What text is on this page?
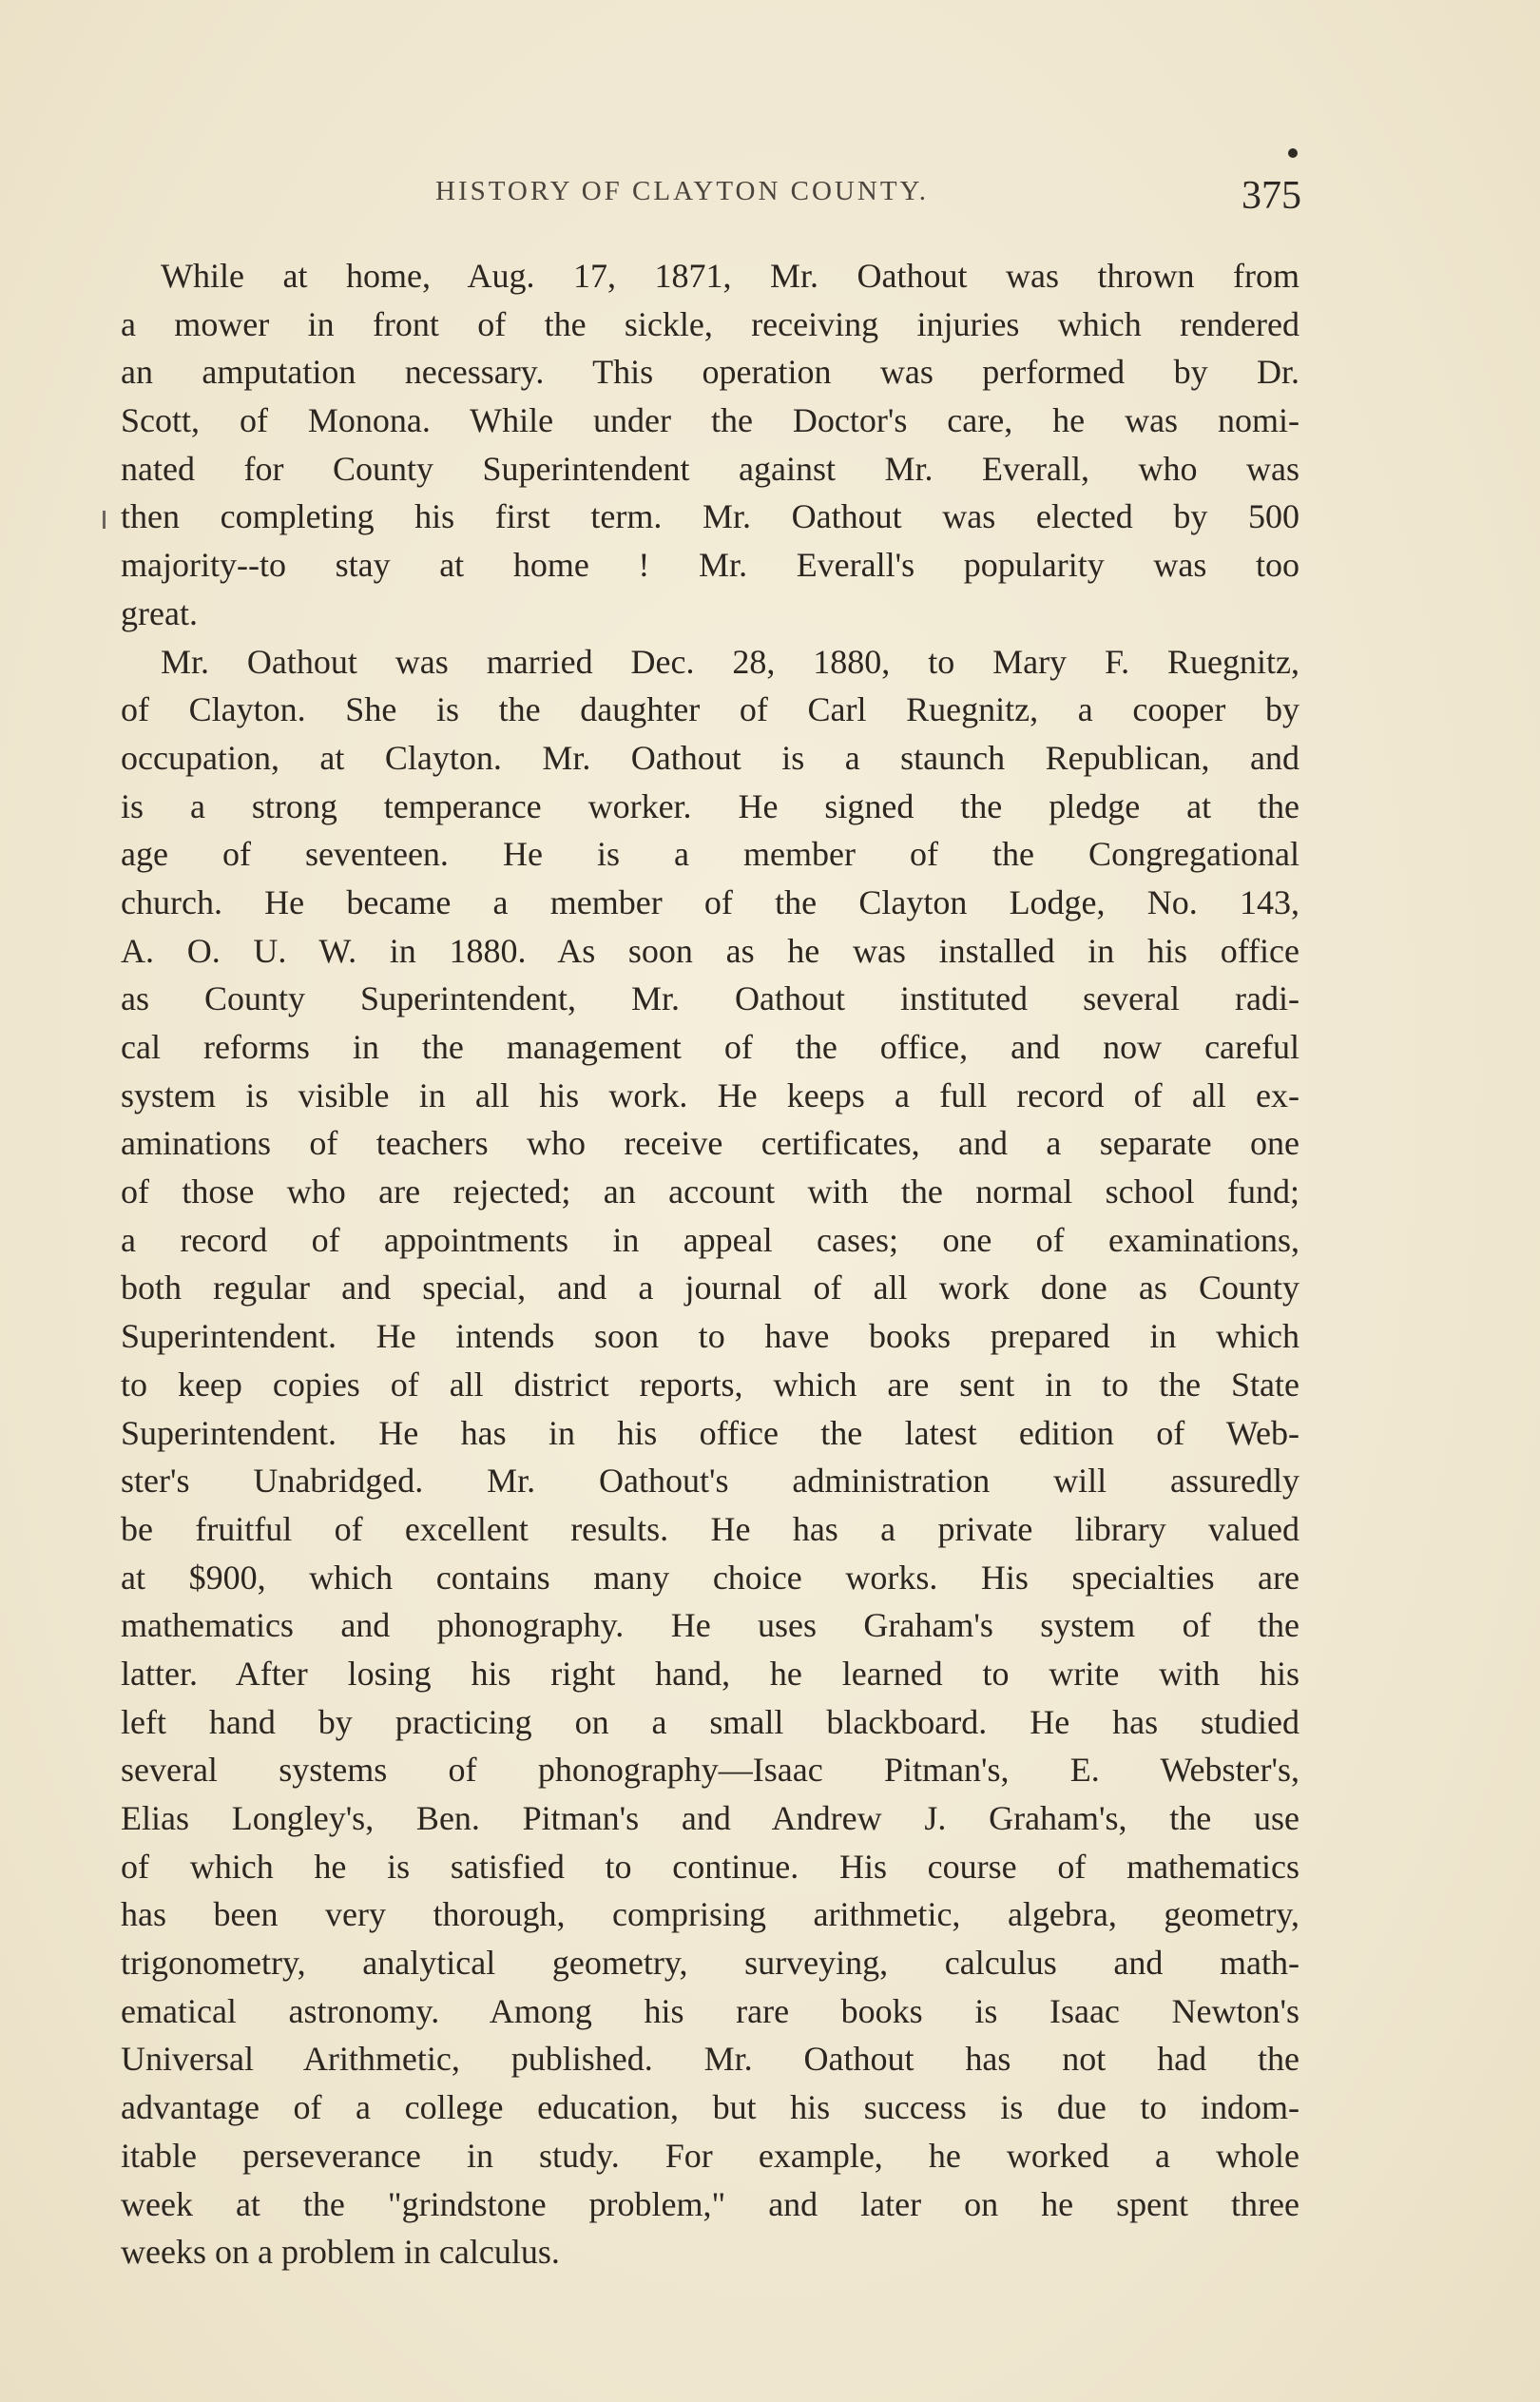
HISTORY OF CLAYTON COUNTY.	375
While at home, Aug. 17, 1871, Mr. Oathout was thrown from
a mower in front of the sickle, receiving injuries which rendered
an amputation necessary. This operation was performed by Dr.
Scott, of Monona. While under the Doctor's care, he was nomi-
nated for County Superintendent against Mr. Everall, who was
then completing his first term. Mr. Oathout was elected by 500
majority--to stay at home ! Mr. Everall's popularity was too
great.
Mr. Oathout was married Dec. 28, 1880, to Mary F. Ruegnitz,
of Clayton. She is the daughter of Carl Ruegnitz, a cooper by
occupation, at Clayton. Mr. Oathout is a staunch Republican, and
is a strong temperance worker. He signed the pledge at the
age of seventeen. He is a member of the Congregational
church. He became a member of the Clayton Lodge, No. 143,
A. O. U. W. in 1880. As soon as he was installed in his office
as County Superintendent, Mr. Oathout instituted several radi-
cal reforms in the management of the office, and now careful
system is visible in all his work. He keeps a full record of all ex-
aminations of teachers who receive certificates, and a separate one
of those who are rejected; an account with the normal school fund;
a record of appointments in appeal cases; one of examinations,
both regular and special, and a journal of all work done as County
Superintendent. He intends soon to have books prepared in which
to keep copies of all district reports, which are sent in to the State
Superintendent. He has in his office the latest edition of Web-
ster's Unabridged. Mr. Oathout's administration will assuredly
be fruitful of excellent results. He has a private library valued
at $900, which contains many choice works. His specialties are
mathematics and phonography. He uses Graham's system of the
latter. After losing his right hand, he learned to write with his
left hand by practicing on a small blackboard. He has studied
several systems of phonography—Isaac Pitman's, E. Webster's,
Elias Longley's, Ben. Pitman's and Andrew J. Graham's, the use
of which he is satisfied to continue. His course of mathematics
has been very thorough, comprising arithmetic, algebra, geometry,
trigonometry, analytical geometry, surveying, calculus and math-
ematical astronomy. Among his rare books is Isaac Newton's
Universal Arithmetic, published. Mr. Oathout has not had the
advantage of a college education, but his success is due to indom-
itable perseverance in study. For example, he worked a whole
week at the "grindstone problem," and later on he spent three
weeks on a problem in calculus.
